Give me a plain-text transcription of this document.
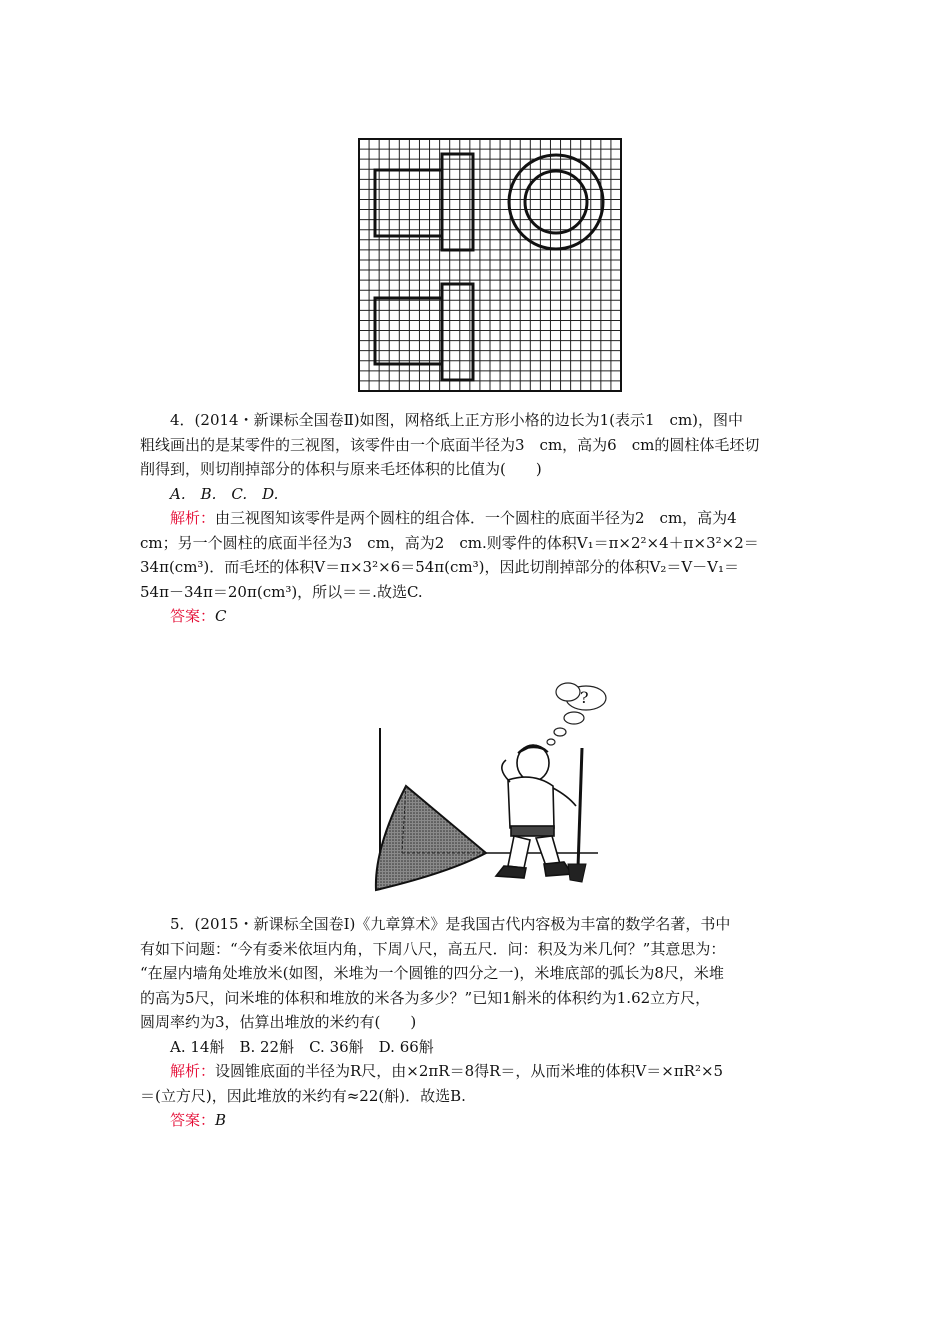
4．(2014・新课标全国卷Ⅱ)如图，网格纸上正方形小格的边长为1(表示1　cm)，图中
粗线画出的是某零件的三视图，该零件由一个底面半径为3　cm，高为6　cm的圆柱体毛坯切
削得到，则切削掉部分的体积与原来毛坯体积的比值为(　　)
A.　B.　C.　D.
解析：由三视图知该零件是两个圆柱的组合体．一个圆柱的底面半径为2　cm，高为4
cm；另一个圆柱的底面半径为3　cm，高为2　cm.则零件的体积V₁＝π×2²×4＋π×3²×2＝
34π(cm³)．而毛坯的体积V＝π×3²×6＝54π(cm³)，因此切削掉部分的体积V₂＝V－V₁＝
54π－34π＝20π(cm³)，所以＝＝.故选C.
答案：C
?
5．(2015・新课标全国卷Ⅰ)《九章算术》是我国古代内容极为丰富的数学名著，书中
有如下问题：“今有委米依垣内角，下周八尺，高五尺．问：积及为米几何？”其意思为：
“在屋内墙角处堆放米(如图，米堆为一个圆锥的四分之一)，米堆底部的弧长为8尺，米堆
的高为5尺，问米堆的体积和堆放的米各为多少？”已知1斛米的体积约为1.62立方尺，
圆周率约为3，估算出堆放的米约有(　　)
A. 14斛　B. 22斛　C. 36斛　D. 66斛
解析：设圆锥底面的半径为R尺，由×2πR＝8得R＝，从而米堆的体积V＝×πR²×5
＝(立方尺)，因此堆放的米约有≈22(斛)．故选B.
答案：B
